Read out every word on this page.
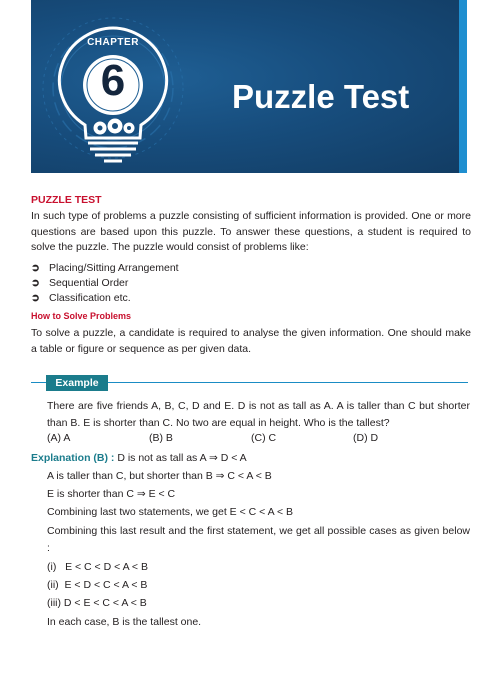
CHAPTER
6	Puzzle Test
PUZZLE TEST
In such type of problems a puzzle consisting of sufficient information is provided. One or more questions are based upon this puzzle. To answer these questions, a student is required to solve the puzzle. The puzzle would consist of problems like:
➲ Placing/Sitting Arrangement
➲ Sequential Order
➲ Classification etc.
How to Solve Problems
To solve a puzzle, a candidate is required to analyse the given information. One should make a table or figure or sequence as per given data.
Example
There are five friends A, B, C, D and E. D is not as tall as A. A is taller than C but shorter than B. E is shorter than C. No two are equal in height. Who is the tallest?
(A) A	(B) B	(C) C	(D) D
Explanation (B) : D is not as tall as A ⇒ D < A
A is taller than C, but shorter than B ⇒ C < A < B
E is shorter than C ⇒ E < C
Combining last two statements, we get E < C < A < B
Combining this last result and the first statement, we get all possible cases as given below :
(i)   E < C < D < A < B
(ii)  E < D < C < A < B
(iii) D < E < C < A < B
In each case, B is the tallest one.
